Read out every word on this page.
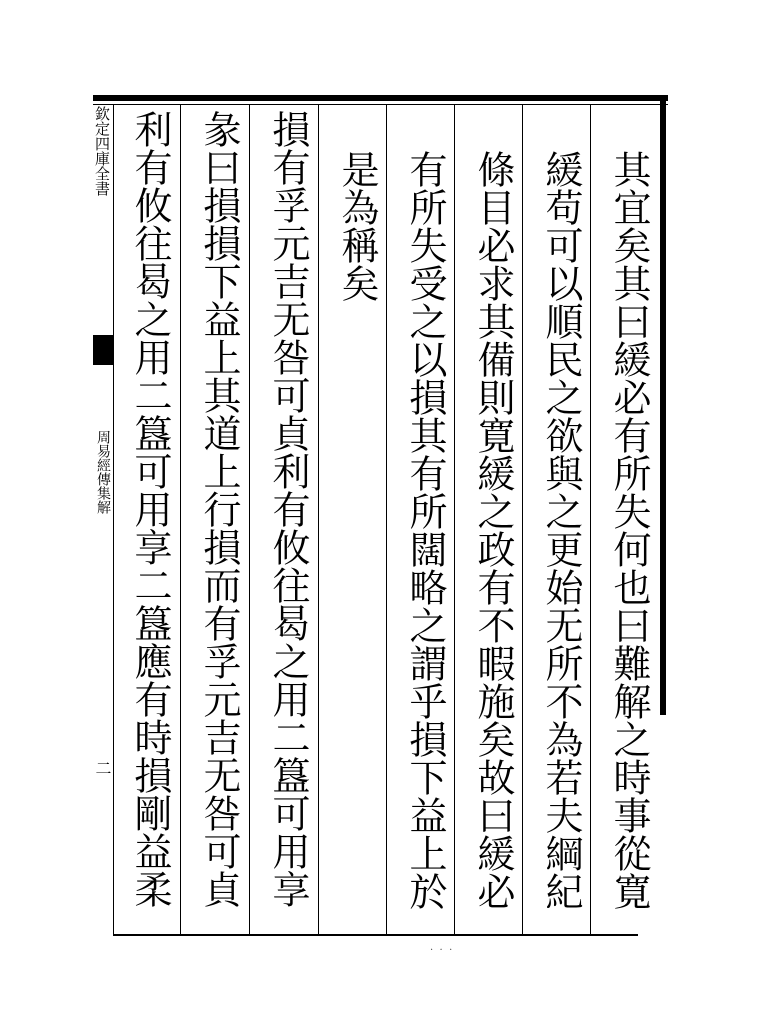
欽定四庫全書
周易經傳集解
二	其宜矣其曰緩必有所失何也曰難解之時事從寛
緩苟可以順民之欲與之更始无所不為若夫綱紀
條目必求其備則寛緩之政有不暇施矣故曰緩必
有所失受之以損其有所闊略之謂乎損下益上於
是為稱矣
損有孚元吉无咎可貞利有攸往曷之用二簋可用享
彖曰損損下益上其道上行損而有孚元吉无咎可貞
利有攸往曷之用二簋可用享二簋應有時損剛益柔
·  ·  ·
